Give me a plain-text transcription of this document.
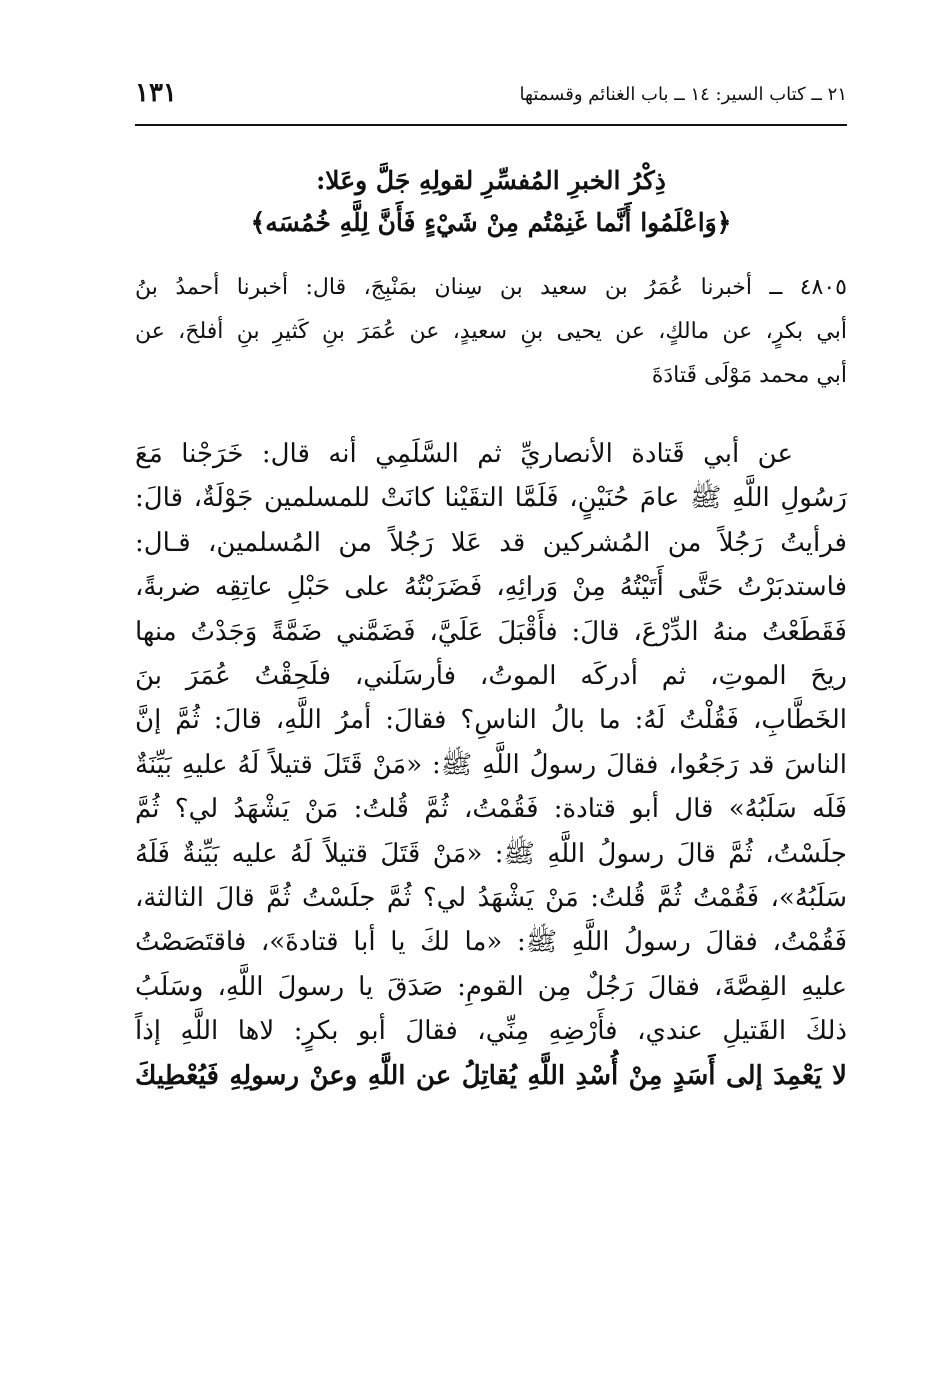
٢١ ــ كتاب السير: ١٤ ــ باب الغنائم وقسمتها
١٣١
ذِكْرُ الخبرِ المُفسِّرِ لقولِهِ جَلَّ وعَلا:
﴿وَاعْلَمُوا أَنَّما غَنِمْتُم مِنْ شَيْءٍ فَأَنَّ لِلَّهِ خُمُسَه﴾
٤٨٠٥ ــ أخبرنا عُمَرُ بن سعيد بن سِنان بمَنْبِجَ، قال: أخبرنا أحمدُ بنُ
أبي بكرٍ، عن مالكٍ، عن يحيى بنِ سعيدٍ، عن عُمَرَ بنِ كَثيرِ بنِ أفلحَ، عن
أبي محمد مَوْلَى قَتادَةَ
عن أبي قَتادة الأنصاريِّ ثم السَّلَمِي أنه قال: خَرَجْنا مَعَ
رَسُولِ اللَّهِ ﷺ عامَ حُنَيْنٍ، فَلَمَّا التقَيْنا كانَتْ للمسلمين جَوْلَةٌ، قالَ:
فرأيتُ رَجُلاً من المُشركين قد عَلا رَجُلاً من المُسلمين، قـال:
فاستدبَرْتُ حَتَّى أَتَيْتُهُ مِنْ وَرائِهِ، فَضَرَبْتُهُ على حَبْلِ عاتِقِه ضربةً،
فَقَطَعْتُ منهُ الدِّرْعَ، قالَ: فأَقْبَلَ عَلَيَّ، فَضَمَّني ضَمَّةً وَجَدْتُ منها
ريحَ الموتِ، ثم أدركَه الموتُ، فأرسَلَني، فلَحِقْتُ عُمَرَ بنَ
الخَطَّابِ، فَقُلْتُ لَهُ: ما بالُ الناسِ؟ فقالَ: أمرُ اللَّهِ، قالَ: ثُمَّ إنَّ
الناسَ قد رَجَعُوا، فقالَ رسولُ اللَّهِ ﷺ: «مَنْ قَتَلَ قتيلاً لَهُ عليهِ بَيِّنَةٌ
فَلَه سَلَبُهُ» قال أبو قتادة: فَقُمْتُ، ثُمَّ قُلتُ: مَنْ يَشْهَدُ لي؟ ثُمَّ
جلَسْتُ، ثُمَّ قالَ رسولُ اللَّهِ ﷺ: «مَنْ قَتَلَ قتيلاً لَهُ عليه بَيِّنةٌ فَلَهُ
سَلَبُهُ»، فَقُمْتُ ثُمَّ قُلتُ: مَنْ يَشْهَدُ لي؟ ثُمَّ جلَسْتُ ثُمَّ قالَ الثالثة،
فَقُمْتُ، فقالَ رسولُ اللَّهِ ﷺ: «ما لكَ يا أبا قتادةَ»، فاقتَصَصْتُ
عليهِ القِصَّةَ، فقالَ رَجُلٌ مِن القومِ: صَدَقَ يا رسولَ اللَّهِ، وسَلَبُ
ذلكَ القَتيلِ عندي، فأَرْضِهِ مِنِّي، فقالَ أبو بكرٍ: لاها اللَّهِ إذاً
لا يَعْمِدَ إلى أَسَدٍ مِنْ أُسْدِ اللَّهِ يُقاتِلُ عن اللَّهِ وعنْ رسولِهِ فَيُعْطِيكَ
